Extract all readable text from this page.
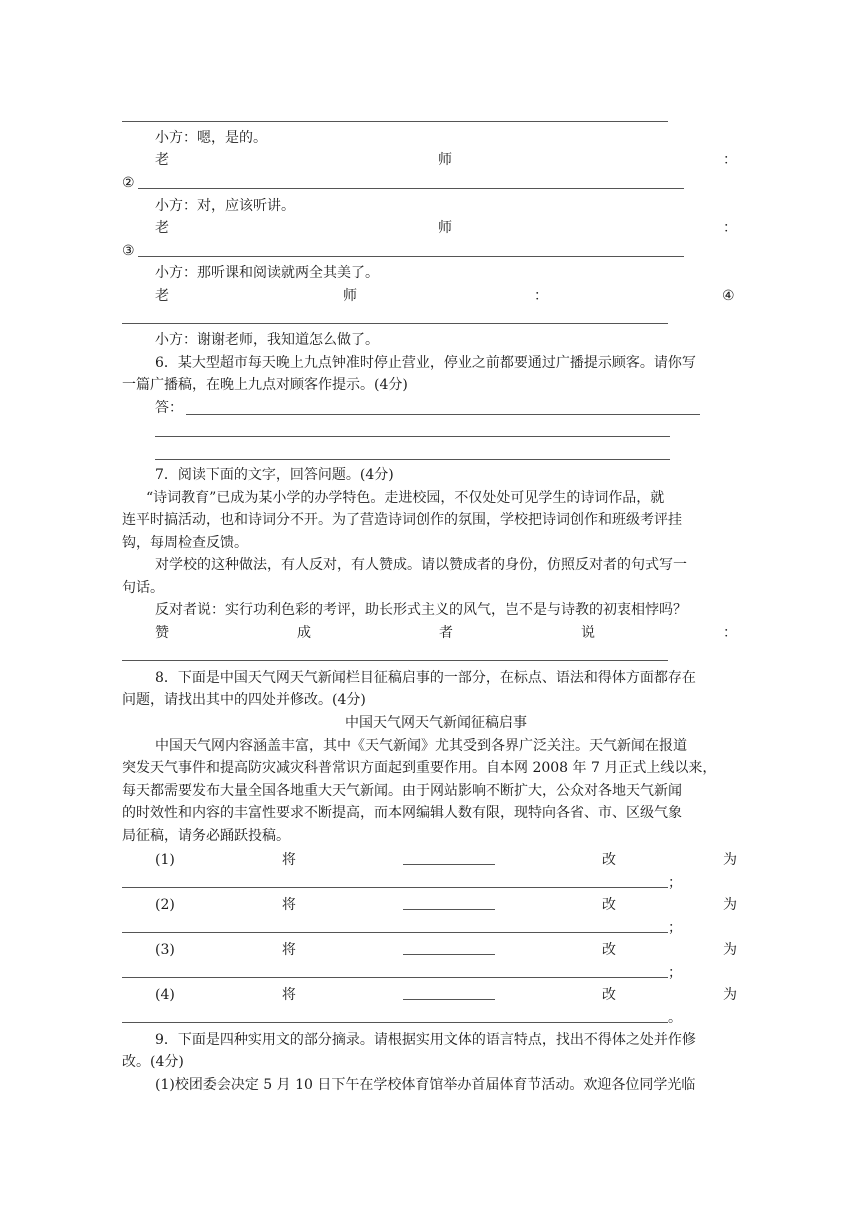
小方：嗯，是的。
老	师	：
②
小方：对，应该听讲。
老	师	：
③
小方：那听课和阅读就两全其美了。
老	师	：	④
小方：谢谢老师，我知道怎么做了。
6．某大型超市每天晚上九点钟准时停止营业，停业之前都要通过广播提示顾客。请你写
一篇广播稿，在晚上九点对顾客作提示。(4分)
答：
7．阅读下面的文字，回答问题。(4分)
“诗词教育”已成为某小学的办学特色。走进校园，不仅处处可见学生的诗词作品，就
连平时搞活动，也和诗词分不开。为了营造诗词创作的氛围，学校把诗词创作和班级考评挂
钩，每周检查反馈。
对学校的这种做法，有人反对，有人赞成。请以赞成者的身份，仿照反对者的句式写一
句话。
反对者说：实行功利色彩的考评，助长形式主义的风气，岂不是与诗教的初衷相悖吗？
赞	成	者	说	：
8．下面是中国天气网天气新闻栏目征稿启事的一部分，在标点、语法和得体方面都存在
问题，请找出其中的四处并修改。(4分)
中国天气网天气新闻征稿启事
中国天气网内容涵盖丰富，其中《天气新闻》尤其受到各界广泛关注。天气新闻在报道
突发天气事件和提高防灾减灾科普常识方面起到重要作用。自本网 2008 年 7 月正式上线以来，
每天都需要发布大量全国各地重大天气新闻。由于网站影响不断扩大，公众对各地天气新闻
的时效性和内容的丰富性要求不断提高，而本网编辑人数有限，现特向各省、市、区级气象
局征稿，请务必踊跃投稿。
(1)	将	改	为
；
(2)	将	改	为
；
(3)	将	改	为
；
(4)	将	改	为
。
9．下面是四种实用文的部分摘录。请根据实用文体的语言特点，找出不得体之处并作修
改。(4分)
(1)校团委会决定 5 月 10 日下午在学校体育馆举办首届体育节活动。欢迎各位同学光临
